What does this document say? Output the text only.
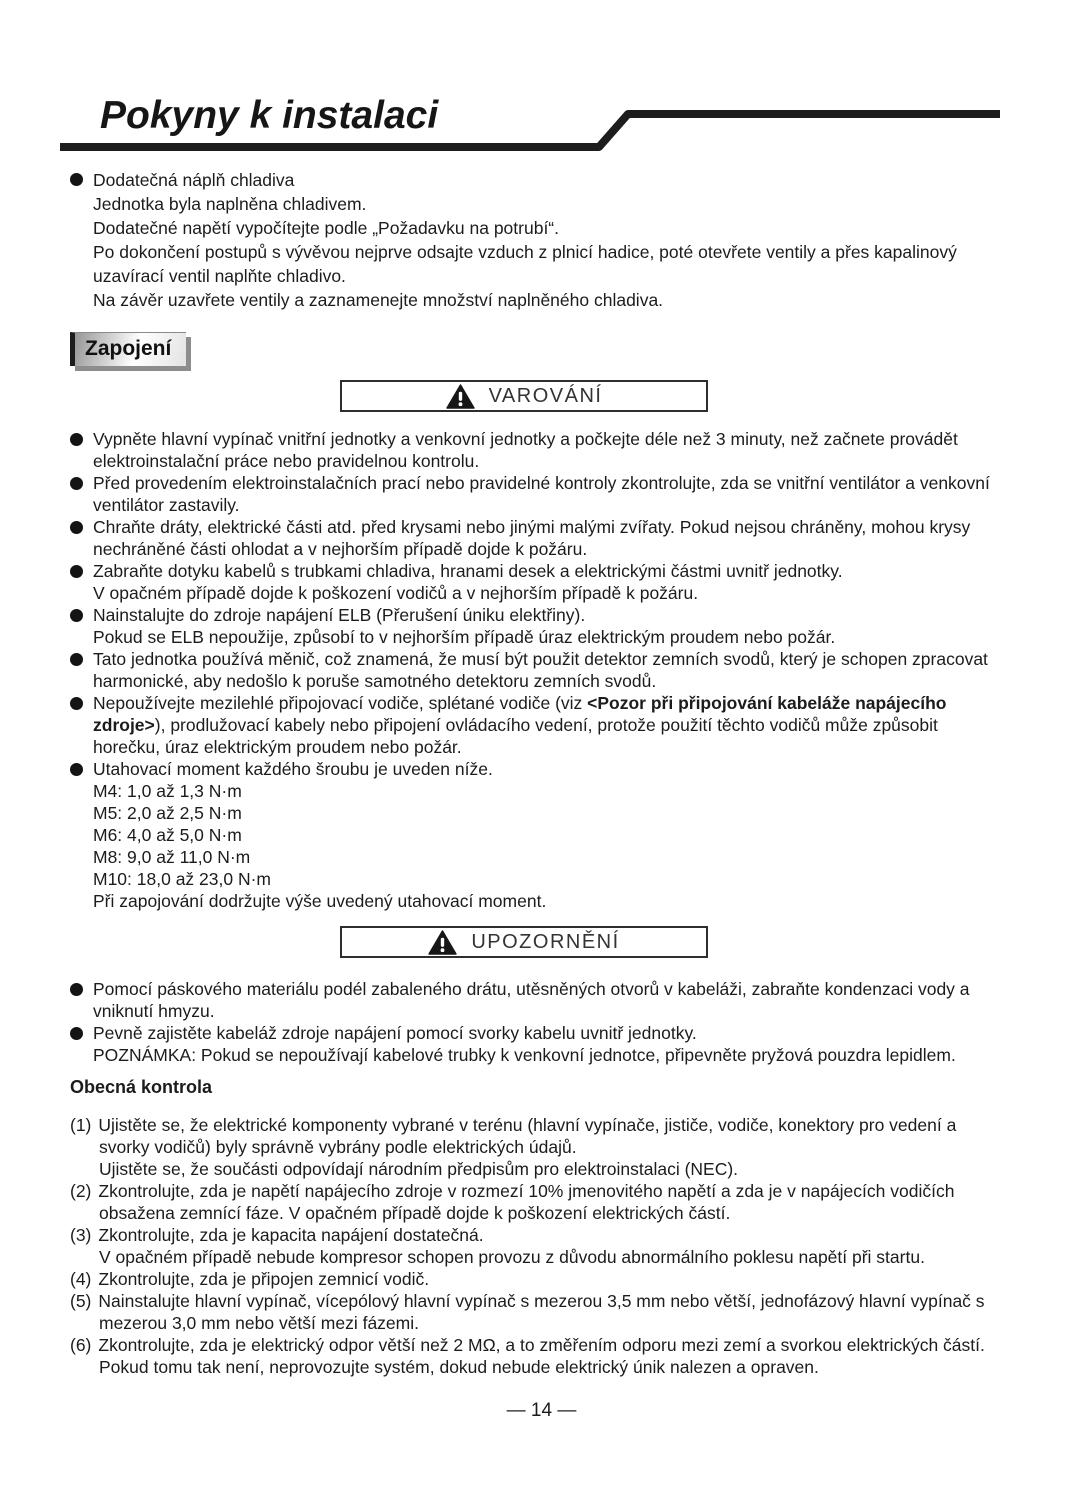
Pokyny k instalaci
Dodatečná náplň chladiva
Jednotka byla naplněna chladivem.
Dodatečné napětí vypočítejte podle „Požadavku na potrubí“.
Po dokončení postupů s vývěvou nejprve odsajte vzduch z plnicí hadice, poté otevřete ventily a přes kapalinový
uzavírací ventil naplňte chladivo.
Na závěr uzavřete ventily a zaznamenejte množství naplněného chladiva.
Zapojení
VAROVÁNÍ
Vypněte hlavní vypínač vnitřní jednotky a venkovní jednotky a počkejte déle než 3 minuty, než začnete provádět
elektroinstalační práce nebo pravidelnou kontrolu.
Před provedením elektroinstalačních prací nebo pravidelné kontroly zkontrolujte, zda se vnitřní ventilátor a venkovní
ventilátor zastavily.
Chraňte dráty, elektrické části atd. před krysami nebo jinými malými zvířaty. Pokud nejsou chráněny, mohou krysy
nechráněné části ohlodat a v nejhorším případě dojde k požáru.
Zabraňte dotyku kabelů s trubkami chladiva, hranami desek a elektrickými částmi uvnitř jednotky.
V opačném případě dojde k poškození vodičů a v nejhorším případě k požáru.
Nainstalujte do zdroje napájení ELB (Přerušení úniku elektřiny).
Pokud se ELB nepoužije, způsobí to v nejhorším případě úraz elektrickým proudem nebo požár.
Tato jednotka používá měnič, což znamená, že musí být použit detektor zemních svodů, který je schopen zpracovat
harmonické, aby nedošlo k poruše samotného detektoru zemních svodů.
Nepoužívejte mezilehlé připojovací vodiče, splétané vodiče (viz <Pozor při připojování kabeláže napájecího
zdroje>), prodlužovací kabely nebo připojení ovládacího vedení, protože použití těchto vodičů může způsobit
horečku, úraz elektrickým proudem nebo požár.
Utahovací moment každého šroubu je uveden níže.
M4: 1,0 až 1,3 N·m
M5: 2,0 až 2,5 N·m
M6: 4,0 až 5,0 N·m
M8: 9,0 až 11,0 N·m
M10: 18,0 až 23,0 N·m
Při zapojování dodržujte výše uvedený utahovací moment.
UPOZORNĚNÍ
Pomocí páskového materiálu podél zabaleného drátu, utěsněných otvorů v kabeláži, zabraňte kondenzaci vody a
vniknutí hmyzu.
Pevně zajistěte kabeláž zdroje napájení pomocí svorky kabelu uvnitř jednotky.
POZNÁMKA: Pokud se nepoužívají kabelové trubky k venkovní jednotce, připevněte pryžová pouzdra lepidlem.
Obecná kontrola
(1) Ujistěte se, že elektrické komponenty vybrané v terénu (hlavní vypínače, jističe, vodiče, konektory pro vedení a
svorky vodičů) byly správně vybrány podle elektrických údajů.
Ujistěte se, že součásti odpovídají národním předpisům pro elektroinstalaci (NEC).
(2) Zkontrolujte, zda je napětí napájecího zdroje v rozmezí 10% jmenovitého napětí a zda je v napájecích vodičích
obsažena zemnící fáze. V opačném případě dojde k poškození elektrických částí.
(3) Zkontrolujte, zda je kapacita napájení dostatečná.
V opačném případě nebude kompresor schopen provozu z důvodu abnormálního poklesu napětí při startu.
(4) Zkontrolujte, zda je připojen zemnicí vodič.
(5) Nainstalujte hlavní vypínač, vícepólový hlavní vypínač s mezerou 3,5 mm nebo větší, jednofázový hlavní vypínač s
mezerou 3,0 mm nebo větší mezi fázemi.
(6) Zkontrolujte, zda je elektrický odpor větší než 2 MΩ, a to změřením odporu mezi zemí a svorkou elektrických částí.
Pokud tomu tak není, neprovozujte systém, dokud nebude elektrický únik nalezen a opraven.
— 14 —
